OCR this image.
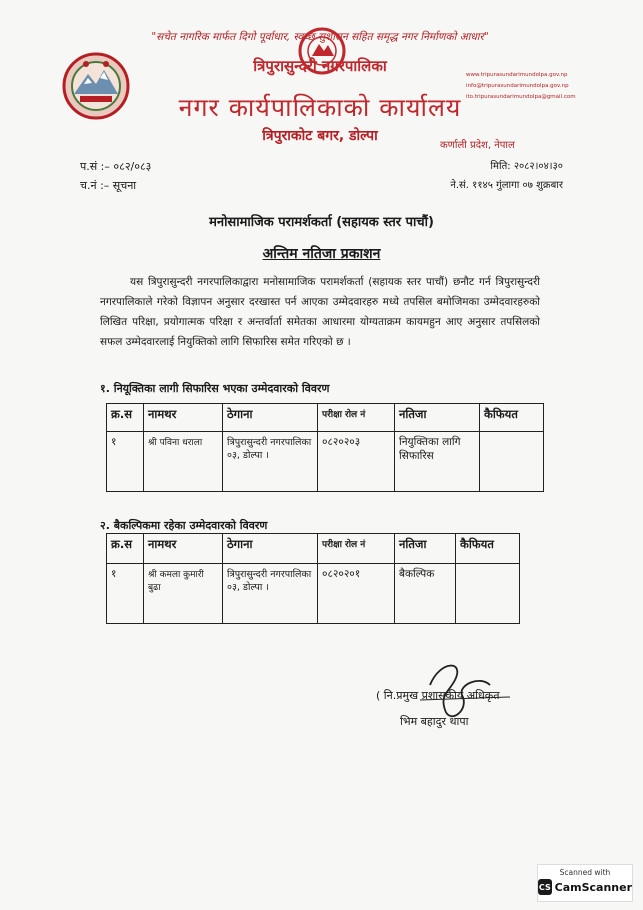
"सचेत नागरिक मार्फत दिगो पूर्वाधार, स्वच्छ सुशासन सहित समृद्ध नगर निर्माणको आधार"
त्रिपुरासुन्दरी नगरपालिका
नगर कार्यपालिकाको कार्यालय
त्रिपुराकोट बगर, डोल्पा
www.tripurasundarimundolpa.gov.np
info@tripurasundarimundolpa.gov.np
ito.tripurasundarimundolpa@gmail.com
कर्णाली प्रदेश, नेपाल
प.सं :– ०८२/०८३
च.नं :– सूचना
मिति: २०८२।०४।३०
ने.सं. ११४५ गुंलागा ०७ शुक्रबार
मनोसामाजिक परामर्शकर्ता (सहायक स्तर पाचौं)
अन्तिम नतिजा प्रकाशन
यस त्रिपुरासुन्दरी नगरपालिकाद्वारा मनोसामाजिक परामर्शकर्ता (सहायक स्तर पाचौं) छनौट गर्न त्रिपुरासुन्दरी नगरपालिकाले गरेको विज्ञापन अनुसार दरखास्त पर्न आएका उम्मेदवारहरु मध्ये तपसिल बमोजिमका उम्मेदवारहरुको लिखित परिक्षा, प्रयोगात्मक परिक्षा र अन्तर्वार्ता समेतका आधारमा योग्यताक्रम कायमहुन आए अनुसार तपसिलको सफल उम्मेदवारलाई नियुक्तिको लागि सिफारिस समेत गरिएको छ ।
१. नियूक्तिका लागी सिफारिस भएका उम्मेदवारको विवरण
क्र.स	नामथर	ठेगाना	परीक्षा रोल नं	नतिजा	कैफियत
१	श्री पविना धराला	त्रिपुरासुन्दरी नगरपालिका ०३, डोल्पा ।	०८२०२०३	नियुक्तिका लागि सिफारिस	
२. बैकल्पिकमा रहेका उम्मेदवारको विवरण
क्र.स	नामथर	ठेगाना	परीक्षा रोल नं	नतिजा	कैफियत
१	श्री कमला कुमारी बुढा	त्रिपुरासुन्दरी नगरपालिका ०३, डोल्पा ।	०८२०२०१	बैकल्पिक	
( नि.प्रमुख प्रशासकीय अधिकृत
भिम बहादुर थापा
Scanned with
CS CamScanner
